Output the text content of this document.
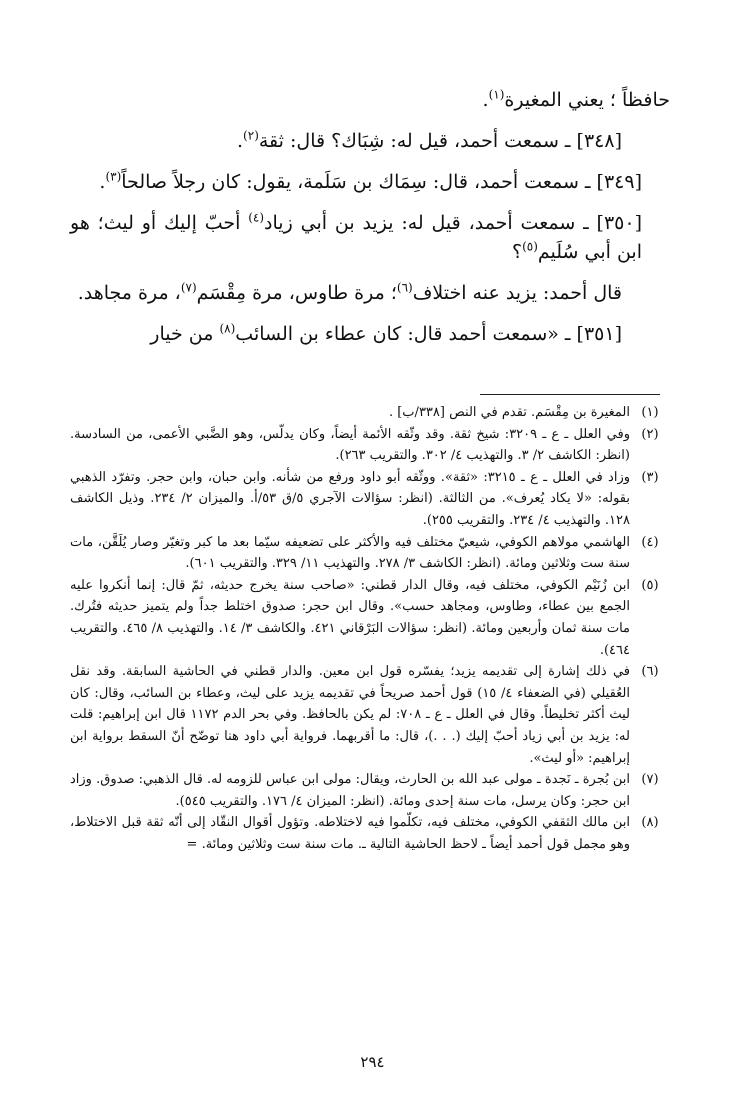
حافظاً ؛ يعني المغيرة$^{(١)}$.
[٣٤٨] ـ سمعت أحمد، قيل له: شِبَاك؟ قال: ثقة$^{(٢)}$.
[٣٤٩] ـ سمعت أحمد، قال: سِمَاك بن سَلَمة، يقول: كان رجلاً صالحاً$^{(٣)}$.
[٣٥٠] ـ سمعت أحمد، قيل له: يزيد بن أبي زياد$^{(٤)}$ أحبّ إليك أو ليث؛ هو ابن أبي سُلَيم$^{(٥)}$؟
قال أحمد: يزيد عنه اختلاف$^{(٦)}$؛ مرة طاوس، مرة مِقْسَم$^{(٧)}$، مرة مجاهد.
[٣٥١] ـ «سمعت أحمد قال: كان عطاء بن السائب$^{(٨)}$ من خيار
(١)
المغيرة بن مِقْسَم. تقدم في النص [٣٣٨/ب] .
(٢)
وفي العلل ـ ع ـ ٣٢٠٩: شيخ ثقة. وقد وثّقه الأئمة أيضاً، وكان يدلّس، وهو الضَّبي الأعمى، من السادسة. (انظر: الكاشف ٢/ ٣. والتهذيب ٤/ ٣٠٢. والتقريب ٢٦٣).
(٣)
وزاد في العلل ـ ع ـ ٣٢١٥: «ثقة». ووثّقه أبو داود ورفع من شأنه. وابن حبان، وابن حجر. وتفرّد الذهبي بقوله: «لا يكاد يُعرف». من الثالثة. (انظر: سؤالات الآجري ٥/ق ٥٣/أ. والميزان ٢/ ٢٣٤. وذيل الكاشف ١٢٨. والتهذيب ٤/ ٢٣٤. والتقريب ٢٥٥).
(٤)
الهاشمي مولاهم الكوفي، شيعيّ مختلف فيه والأكثر على تضعيفه سيّما بعد ما كبر وتغيّر وصار يُلَقَّن، مات سنة ست وثلاثين ومائة. (انظر: الكاشف ٣/ ٢٧٨. والتهذيب ١١/ ٣٢٩. والتقريب ٦٠١).
(٥)
ابن زُنَيْم الكوفي، مختلف فيه، وقال الدار قطني: «صاحب سنة يخرج حديثه، ثمّ قال: إنما أنكروا عليه الجمع بين عطاء، وطاوس، ومجاهد حسب». وقال ابن حجر: صدوق اختلط جداً ولم يتميز حديثه فتُرك. مات سنة ثمان وأربعين ومائة. (انظر: سؤالات البَرْقاني ٤٢١. والكاشف ٣/ ١٤. والتهذيب ٨/ ٤٦٥. والتقريب ٤٦٤).
(٦)
في ذلك إشارة إلى تقديمه يزيد؛ يفسّره قول ابن معين. والدار قطني في الحاشية السابقة. وقد نقل العُقيلي (في الضعفاء ٤/ ١٥) قول أحمد صريحاً في تقديمه يزيد على ليث، وعطاء بن السائب، وقال: كان ليث أكثر تخليطاً. وقال في العلل ـ ع ـ ٧٠٨: لم يكن بالحافظ. وفي بحر الدم ١١٧٢ قال ابن إبراهيم: قلت له: يزيد بن أبي زياد أحبّ إليك (. . .)، قال: ما أقربهما. فرواية أبي داود هنا توضّح أنّ السقط برواية ابن إبراهيم: «أو ليث».
(٧)
ابن بُجرة ـ نَجدة ـ مولى عبد الله بن الحارث، ويقال: مولى ابن عباس للزومه له. قال الذهبي: صدوق. وزاد ابن حجر: وكان يرسل، مات سنة إحدى ومائة. (انظر: الميزان ٤/ ١٧٦. والتقريب ٥٤٥).
(٨)
ابن مالك الثقفي الكوفي، مختلف فيه، تكلّموا فيه لاختلاطه. وتؤول أقوال النقّاد إلى أنّه ثقة قبل الاختلاط، وهو مجمل قول أحمد أيضاً ـ لاحظ الحاشية التالية ـ. مات سنة ست وثلاثين ومائة. =
٢٩٤
